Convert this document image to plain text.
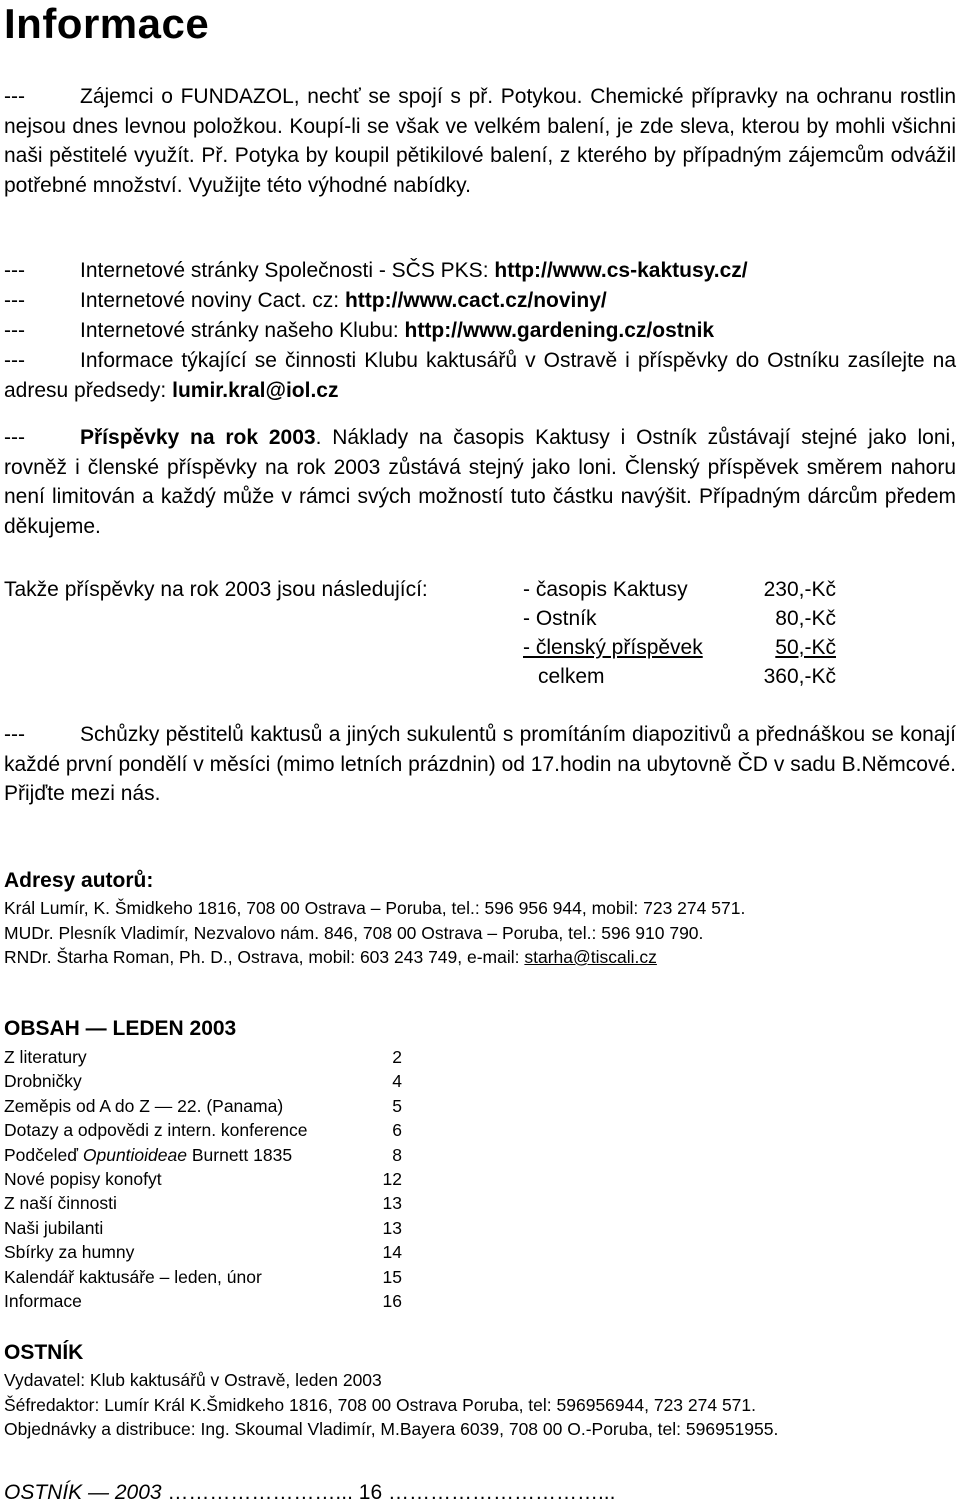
Informace
---	Zájemci o FUNDAZOL, nechť se spojí s př. Potykou. Chemické přípravky na ochranu rostlin nejsou dnes levnou položkou. Koupí-li se však ve velkém balení, je zde sleva, kterou by mohli všichni naši pěstitelé využít. Př. Potyka by koupil pětikilové balení, z kterého by případným zájemcům odvážil potřebné množství. Využijte této výhodné nabídky.
---	Internetové stránky Společnosti - SČS PKS: http://www.cs-kaktusy.cz/
---	Internetové noviny Cact. cz: http://www.cact.cz/noviny/
---	Internetové stránky našeho Klubu: http://www.gardening.cz/ostnik
---	Informace týkající se činnosti Klubu kaktusářů v Ostravě i příspěvky do Ostníku zasílejte na adresu předsedy: lumir.kral@iol.cz
---	Příspěvky na rok 2003. Náklady na časopis Kaktusy i Ostník zůstávají stejné jako loni, rovněž i členské příspěvky na rok 2003 zůstává stejný jako loni. Členský příspěvek směrem nahoru není limitován a každý může v rámci svých možností tuto částku navýšit. Případným dárcům předem děkujeme.
Takže příspěvky na rok 2003 jsou následující:	- časopis Kaktusy	230,-Kč
- Ostník	80,-Kč
- členský příspěvek	50,-Kč
celkem	360,-Kč
---	Schůzky pěstitelů kaktusů a jiných sukulentů s promítáním diapozitivů a přednáškou se konají každé první pondělí v měsíci (mimo letních prázdnin) od 17.hodin na ubytovně ČD v sadu B.Němcové. Přijďte mezi nás.
Adresy autorů:
Král Lumír, K. Šmidkeho 1816, 708 00 Ostrava – Poruba, tel.: 596 956 944, mobil: 723 274 571.
MUDr. Plesník Vladimír, Nezvalovo nám. 846, 708 00 Ostrava – Poruba, tel.: 596 910 790.
RNDr. Štarha Roman, Ph. D., Ostrava, mobil: 603 243 749, e-mail: starha@tiscali.cz
OBSAH — LEDEN 2003
Z literatury	2
Drobničky	4
Zeměpis od A do Z — 22. (Panama)	5
Dotazy a odpovědi z intern. konference	6
Podčeleď Opuntioideae Burnett 1835	8
Nové popisy konofyt	12
Z naší činnosti	13
Naši jubilanti	13
Sbírky za humny	14
Kalendář kaktusáře – leden, únor	15
Informace	16
OSTNÍK
Vydavatel: Klub kaktusářů v Ostravě, leden 2003
Šéfredaktor: Lumír Král K.Šmidkeho 1816, 708 00 Ostrava Poruba, tel: 596956944, 723 274 571.
Objednávky a distribuce: Ing. Skoumal Vladimír, M.Bayera 6039, 708 00 O.-Poruba, tel: 596951955.
OSTNÍK — 2003 ……………………... 16 …………………………...
